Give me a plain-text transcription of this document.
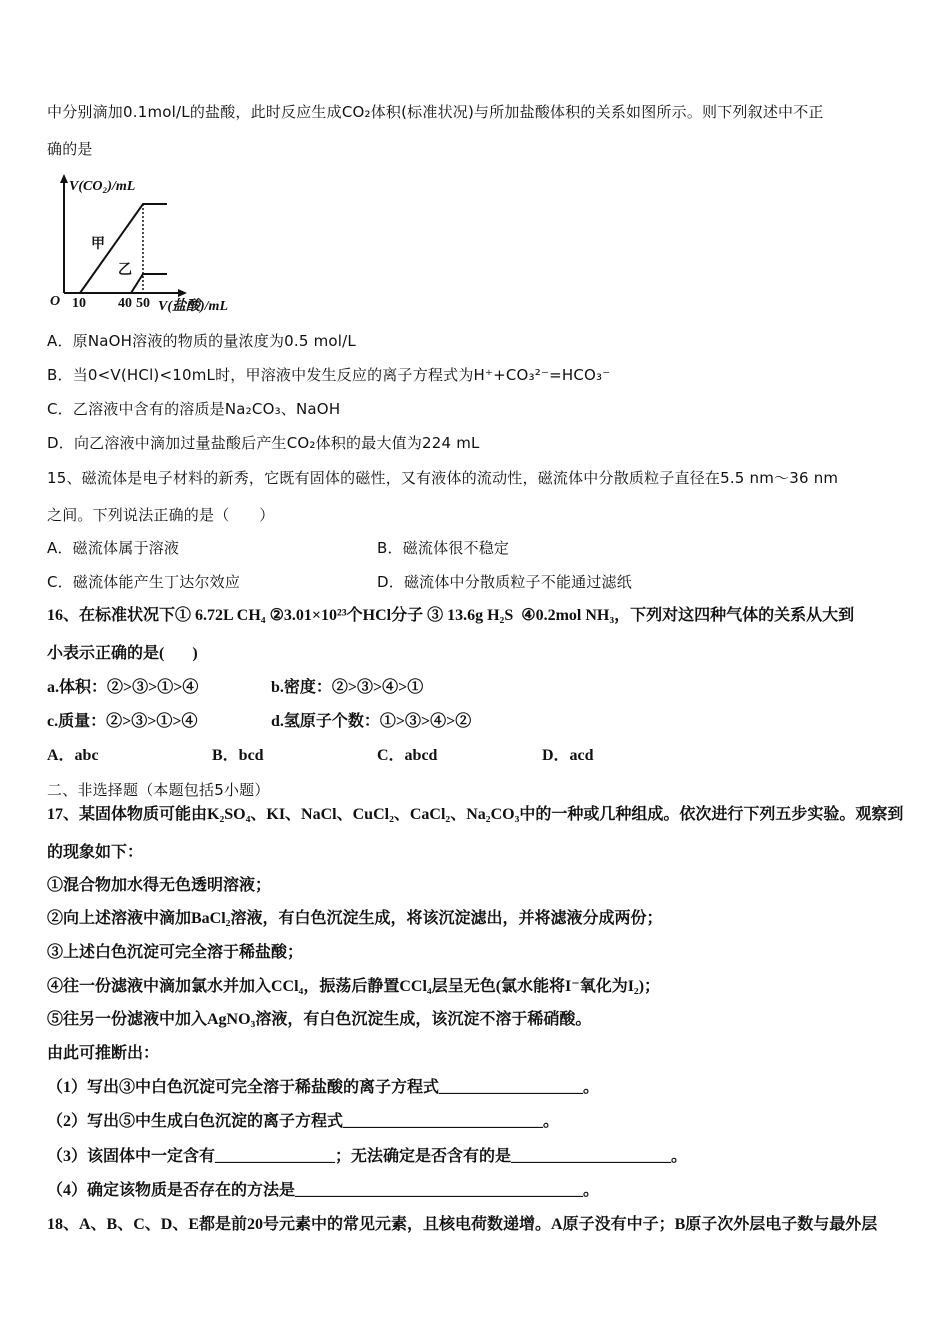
中分别滴加0.1mol/L的盐酸，此时反应生成CO₂体积(标准状况)与所加盐酸体积的关系如图所示。则下列叙述中不正
确的是
V(CO₂)/mL
O 10 40 50 V(盐酸)/mL
甲
乙
A．原NaOH溶液的物质的量浓度为0.5 mol/L
B．当0<V(HCl)<10mL时，甲溶液中发生反应的离子方程式为H⁺+CO₃²⁻=HCO₃⁻
C．乙溶液中含有的溶质是Na₂CO₃、NaOH
D．向乙溶液中滴加过量盐酸后产生CO₂体积的最大值为224 mL
15、磁流体是电子材料的新秀，它既有固体的磁性，又有液体的流动性，磁流体中分散质粒子直径在5.5 nm～36 nm
之间。下列说法正确的是（      ）
A．磁流体属于溶液	B．磁流体很不稳定
C．磁流体能产生丁达尔效应	D．磁流体中分散质粒子不能通过滤纸
16、在标准状况下① 6.72L CH₄ ②3.01×10²³个HCl分子 ③ 13.6g H₂S  ④0.2mol NH₃，下列对这四种气体的关系从大到
小表示正确的是(       )
a.体积：②>③>①>④	b.密度：②>③>④>①
c.质量：②>③>①>④	d.氢原子个数：①>③>④>②
A．abc	B．bcd	C．abcd	D．acd
二、非选择题（本题包括5小题）
17、某固体物质可能由K₂SO₄、KI、NaCl、CuCl₂、CaCl₂、Na₂CO₃中的一种或几种组成。依次进行下列五步实验。观察到
的现象如下：
①混合物加水得无色透明溶液；
②向上述溶液中滴加BaCl₂溶液，有白色沉淀生成，将该沉淀滤出，并将滤液分成两份；
③上述白色沉淀可完全溶于稀盐酸；
④往一份滤液中滴加氯水并加入CCl₄，振荡后静置CCl₄层呈无色(氯水能将I⁻氧化为I₂)；
⑤往另一份滤液中加入AgNO₃溶液，有白色沉淀生成，该沉淀不溶于稀硝酸。
由此可推断出：
（1）写出③中白色沉淀可完全溶于稀盐酸的离子方程式__________________。
（2）写出⑤中生成白色沉淀的离子方程式_________________________。
（3）该固体中一定含有_______________；无法确定是否含有的是____________________。
（4）确定该物质是否存在的方法是____________________________________。
18、A、B、C、D、E都是前20号元素中的常见元素，且核电荷数递增。A原子没有中子；B原子次外层电子数与最外层
